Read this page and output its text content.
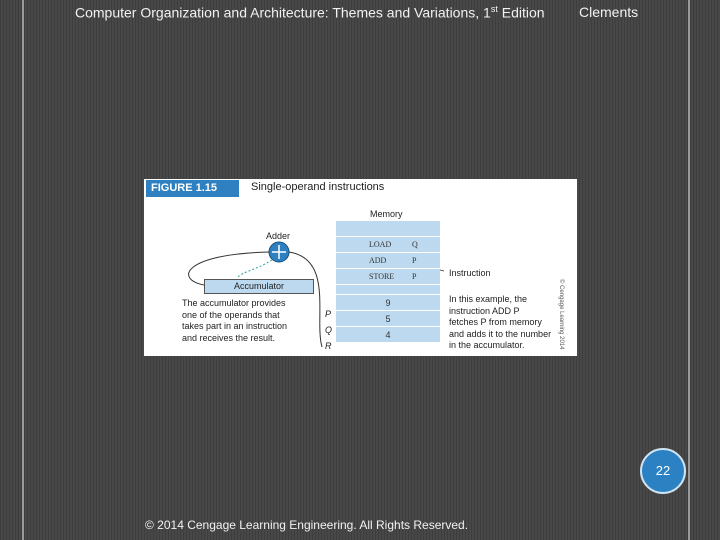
Computer Organization and Architecture: Themes and Variations, 1st Edition Clements
FIGURE 1.15	Single-operand instructions
Adder
Memory
LOAD	Q
ADD	P
STORE P
9
5
4
P
Q
R
Accumulator
Instruction
The accumulator provides
one of the operands that
takes part in an instruction
and receives the result.
In this example, the
instruction ADD P
fetches P from memory
and adds it to the number
in the accumulator.	© Cengage Learning 2014
22
© 2014 Cengage Learning Engineering. All Rights Reserved.
